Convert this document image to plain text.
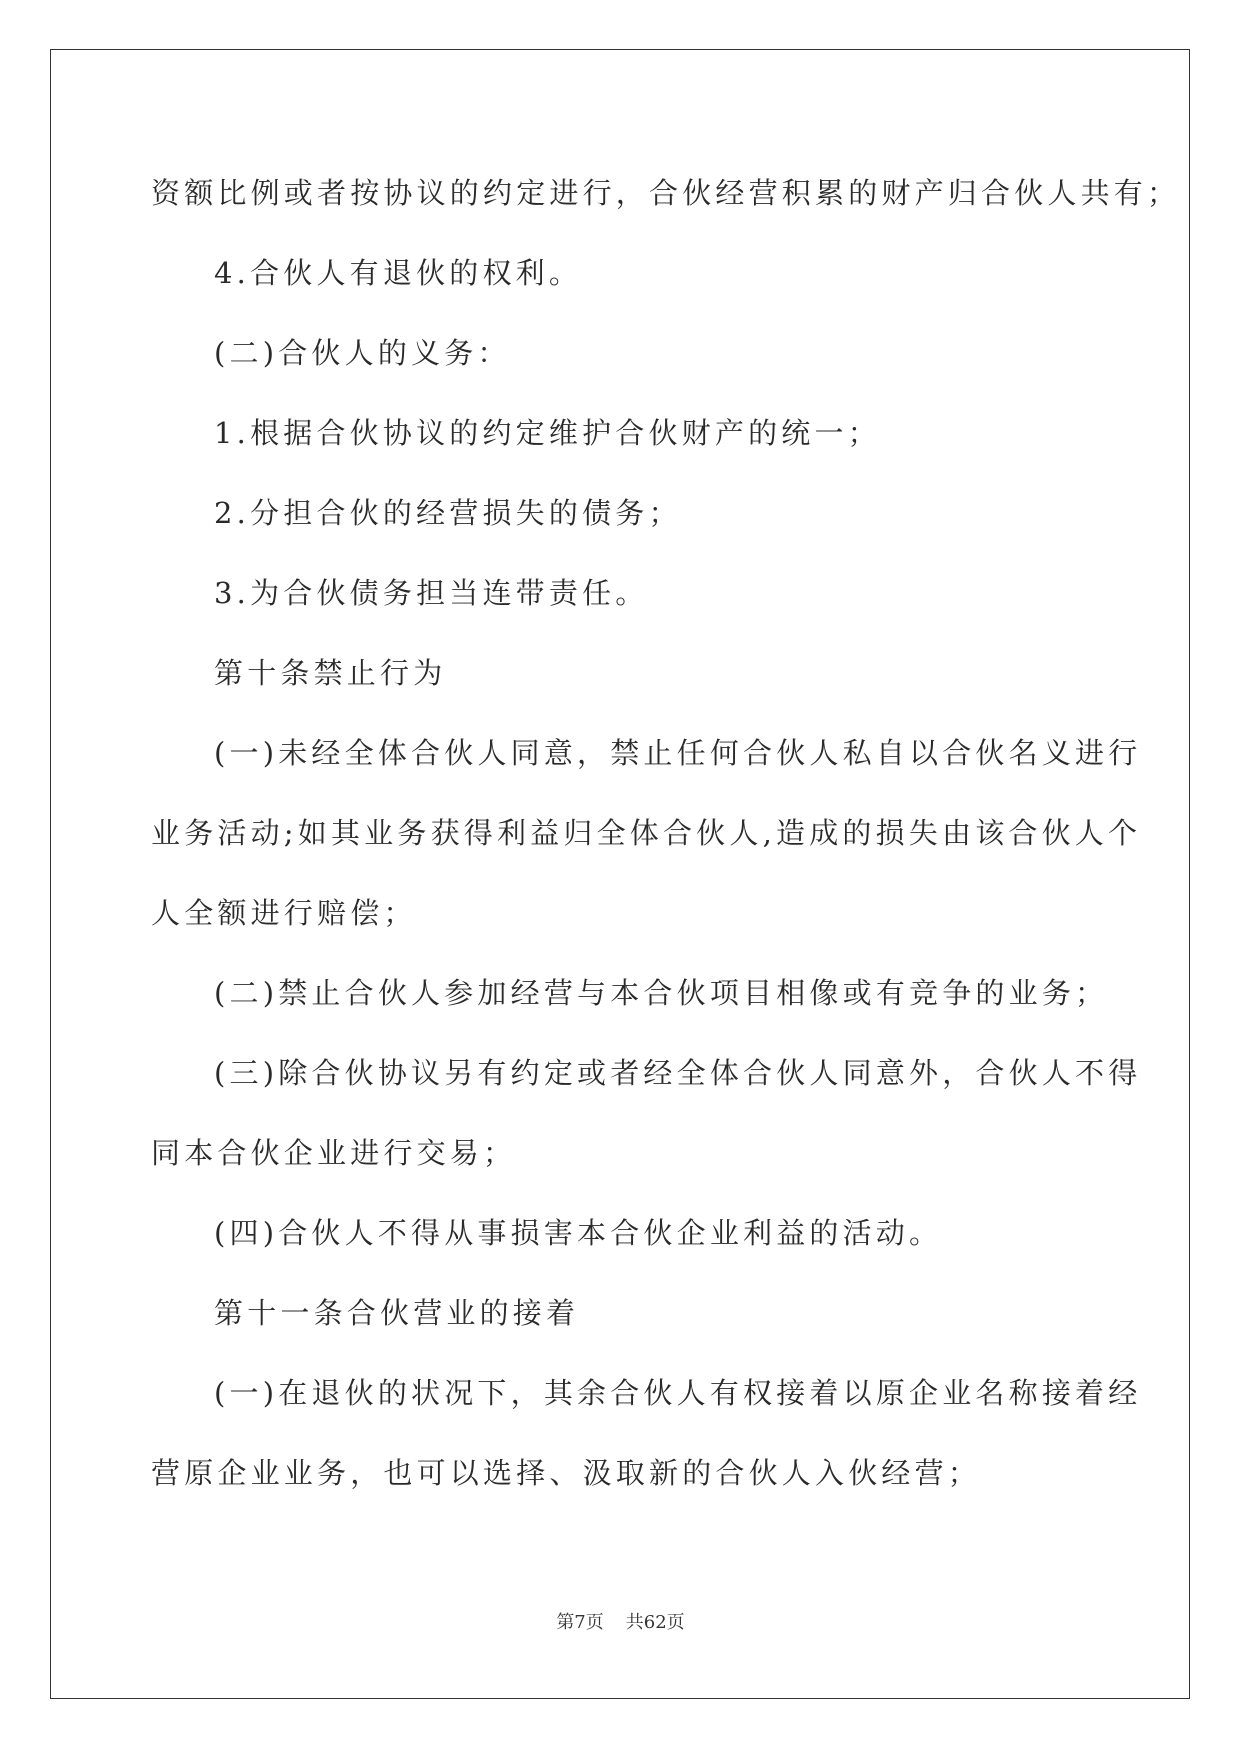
资额比例或者按协议的约定进行，合伙经营积累的财产归合伙人共有；
4.合伙人有退伙的权利。
(二)合伙人的义务：
1.根据合伙协议的约定维护合伙财产的统一；
2.分担合伙的经营损失的债务；
3.为合伙债务担当连带责任。
第十条禁止行为
(一)未经全体合伙人同意，禁止任何合伙人私自以合伙名义进行
业务活动;如其业务获得利益归全体合伙人,造成的损失由该合伙人个
人全额进行赔偿；
(二)禁止合伙人参加经营与本合伙项目相像或有竞争的业务；
(三)除合伙协议另有约定或者经全体合伙人同意外，合伙人不得
同本合伙企业进行交易；
(四)合伙人不得从事损害本合伙企业利益的活动。
第十一条合伙营业的接着
(一)在退伙的状况下，其余合伙人有权接着以原企业名称接着经
营原企业业务，也可以选择、汲取新的合伙人入伙经营；
第7页 共62页
